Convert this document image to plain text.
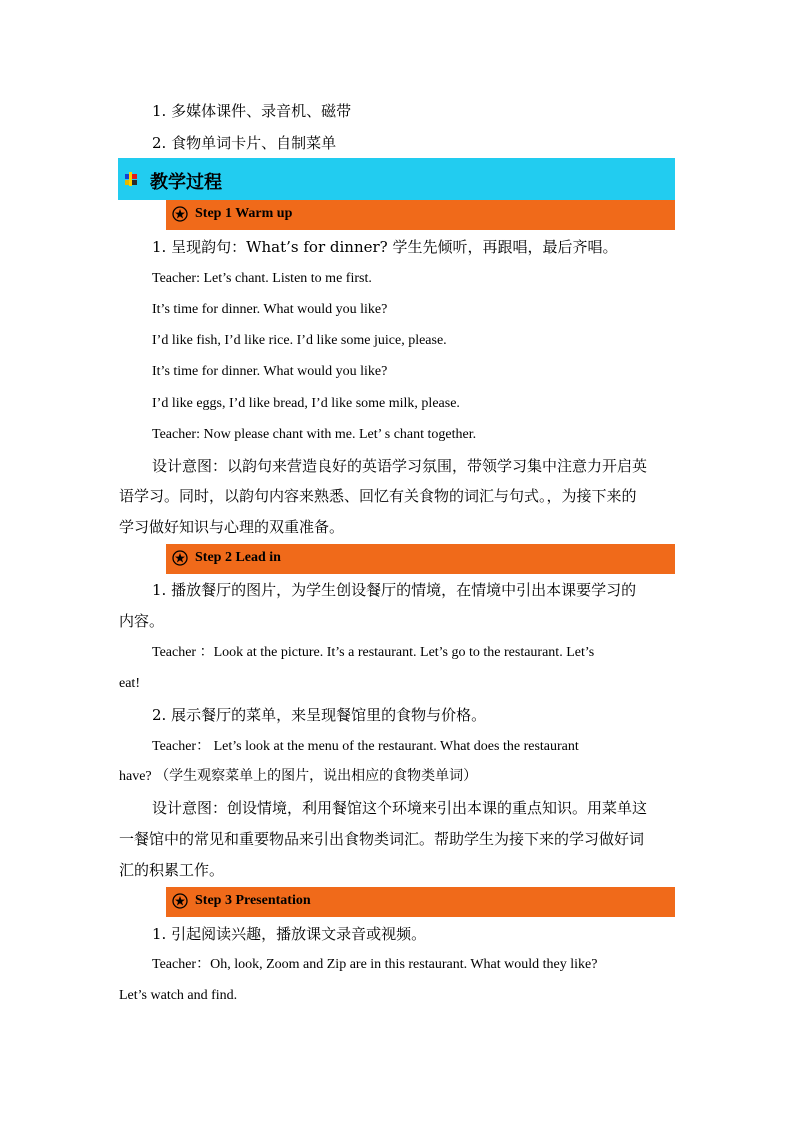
1. 多媒体课件、录音机、磁带
2. 食物单词卡片、自制菜单
教学过程
Step 1 Warm up
1. 呈现韵句：What’s for dinner? 学生先倾听，再跟唱，最后齐唱。
Teacher: Let’s chant. Listen to me first.
It’s time for dinner. What would you like?
I’d like fish, I’d like rice. I’d like some juice, please.
It’s time for dinner. What would you like?
I’d like eggs, I’d like bread, I’d like some milk, please.
Teacher: Now please chant with me. Let’ s chant together.
设计意图：以韵句来营造良好的英语学习氛围，带领学习集中注意力开启英
语学习。同时，以韵句内容来熟悉、回忆有关食物的词汇与句式。，为接下来的
学习做好知识与心理的双重准备。
Step 2 Lead in
1. 播放餐厅的图片，为学生创设餐厅的情境，在情境中引出本课要学习的
内容。
Teacher ：Look at the picture. It’s a restaurant. Let’s go to the restaurant. Let’s
eat!
2. 展示餐厅的菜单，来呈现餐馆里的食物与价格。
Teacher： Let’s look at the menu of the restaurant. What does the restaurant
have? （学生观察菜单上的图片，说出相应的食物类单词）
设计意图：创设情境，利用餐馆这个环境来引出本课的重点知识。用菜单这
一餐馆中的常见和重要物品来引出食物类词汇。帮助学生为接下来的学习做好词
汇的积累工作。
Step 3 Presentation
1. 引起阅读兴趣，播放课文录音或视频。
Teacher：Oh, look, Zoom and Zip are in this restaurant. What would they like?
Let’s watch and find.
